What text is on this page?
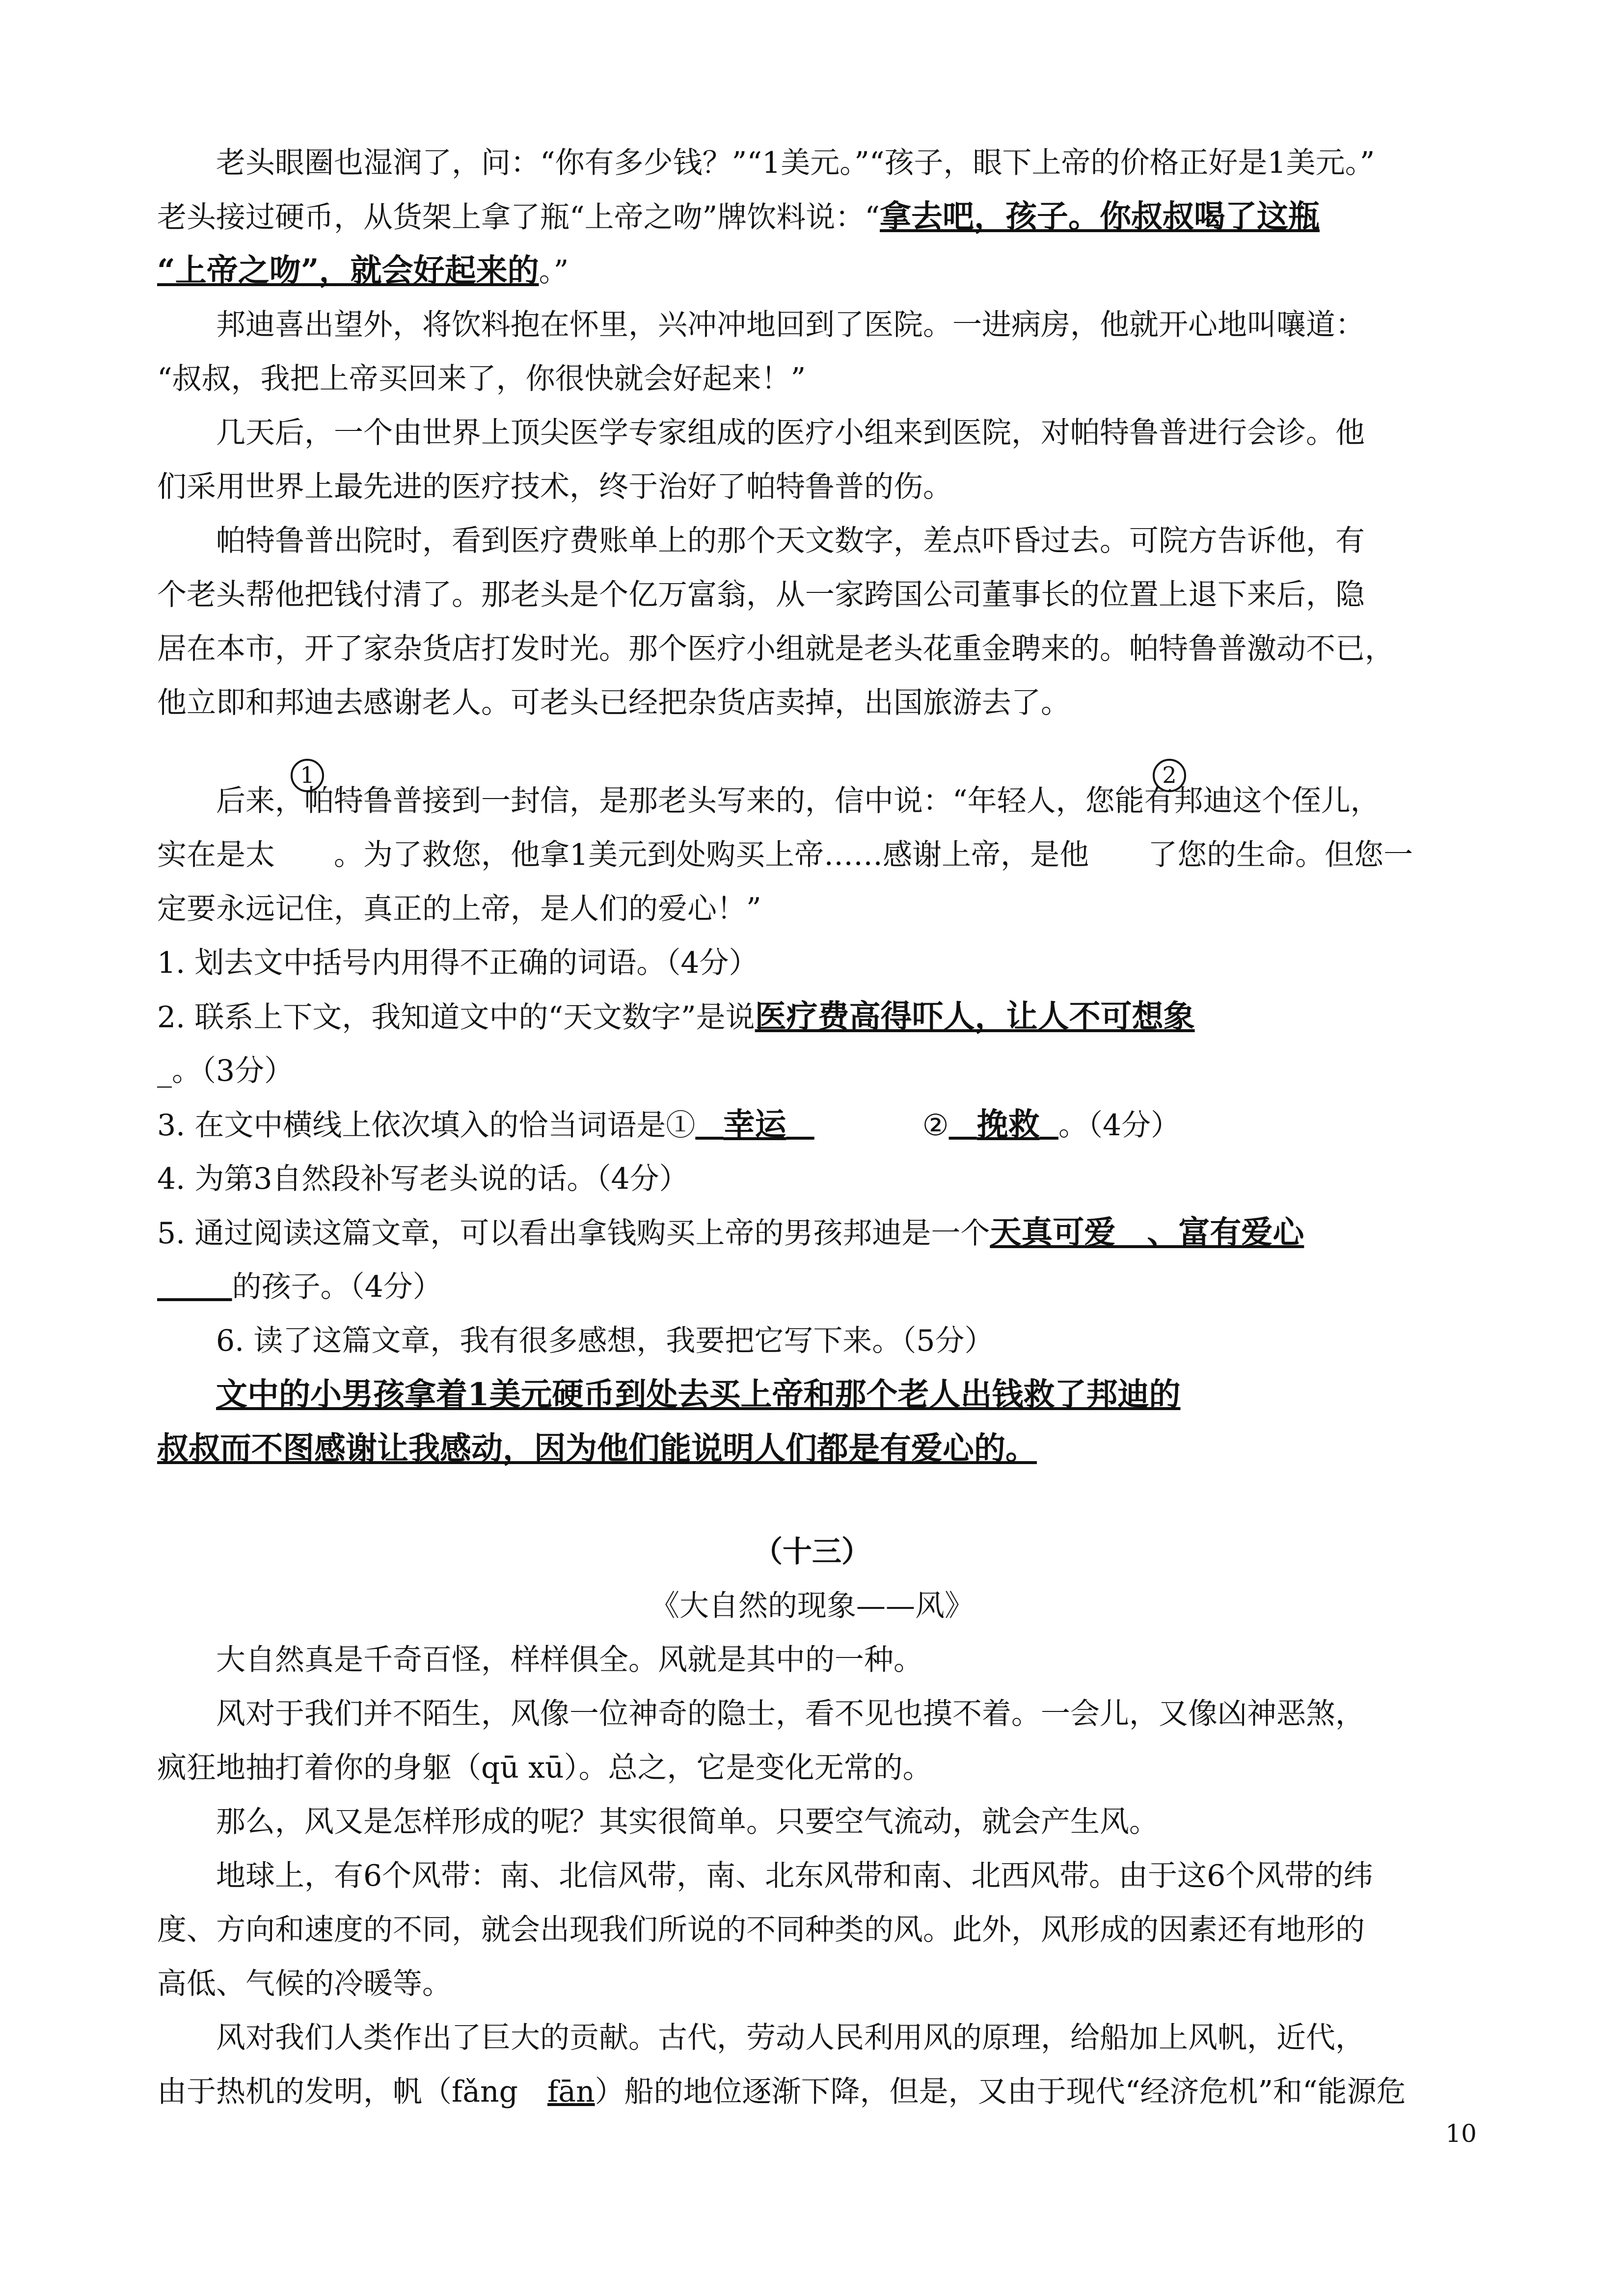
老头眼圈也湿润了，问：“你有多少钱？”“1美元。”“孩子，眼下上帝的价格正好是1美元。”
老头接过硬币，从货架上拿了瓶“上帝之吻”牌饮料说：“拿去吧，孩子。你叔叔喝了这瓶
“上帝之吻”，就会好起来的。”
邦迪喜出望外，将饮料抱在怀里，兴冲冲地回到了医院。一进病房，他就开心地叫嚷道：
“叔叔，我把上帝买回来了，你很快就会好起来！”
几天后，一个由世界上顶尖医学专家组成的医疗小组来到医院，对帕特鲁普进行会诊。他
们采用世界上最先进的医疗技术，终于治好了帕特鲁普的伤。
帕特鲁普出院时，看到医疗费账单上的那个天文数字，差点吓昏过去。可院方告诉他，有
个老头帮他把钱付清了。那老头是个亿万富翁，从一家跨国公司董事长的位置上退下来后，隐
居在本市，开了家杂货店打发时光。那个医疗小组就是老头花重金聘来的。帕特鲁普激动不已，
他立即和邦迪去感谢老人。可老头已经把杂货店卖掉，出国旅游去了。
1	2
后来，帕特鲁普接到一封信，是那老头写来的，信中说：“年轻人，您能有邦迪这个侄儿，
实在是太　　。为了救您，他拿1美元到处购买上帝……感谢上帝，是他　　了您的生命。但您一
定要永远记住，真正的上帝，是人们的爱心！”
1. 划去文中括号内用得不正确的词语。（4分）
2. 联系上下文，我知道文中的“天文数字”是说医疗费高得吓人，让人不可想象
_。（3分）
3. 在文中横线上依次填入的恰当词语是① 幸运	② 挽救 。（4分）
4. 为第3自然段补写老头说的话。（4分）
5. 通过阅读这篇文章，可以看出拿钱购买上帝的男孩邦迪是一个天真可爱　、富有爱心
的孩子。（4分）
6. 读了这篇文章，我有很多感想，我要把它写下来。（5分）
文中的小男孩拿着1美元硬币到处去买上帝和那个老人出钱救了邦迪的
叔叔而不图感谢让我感动，因为他们能说明人们都是有爱心的。
（十三）
《大自然的现象——风》
大自然真是千奇百怪，样样俱全。风就是其中的一种。
风对于我们并不陌生，风像一位神奇的隐士，看不见也摸不着。一会儿，又像凶神恶煞，
疯狂地抽打着你的身躯（qū xū）。总之，它是变化无常的。
那么，风又是怎样形成的呢？其实很简单。只要空气流动，就会产生风。
地球上，有6个风带：南、北信风带，南、北东风带和南、北西风带。由于这6个风带的纬
度、方向和速度的不同，就会出现我们所说的不同种类的风。此外，风形成的因素还有地形的
高低、气候的冷暖等。
风对我们人类作出了巨大的贡献。古代，劳动人民利用风的原理，给船加上风帆，近代，
由于热机的发明，帆（fǎng　fān）船的地位逐渐下降，但是，又由于现代“经济危机”和“能源危
10
